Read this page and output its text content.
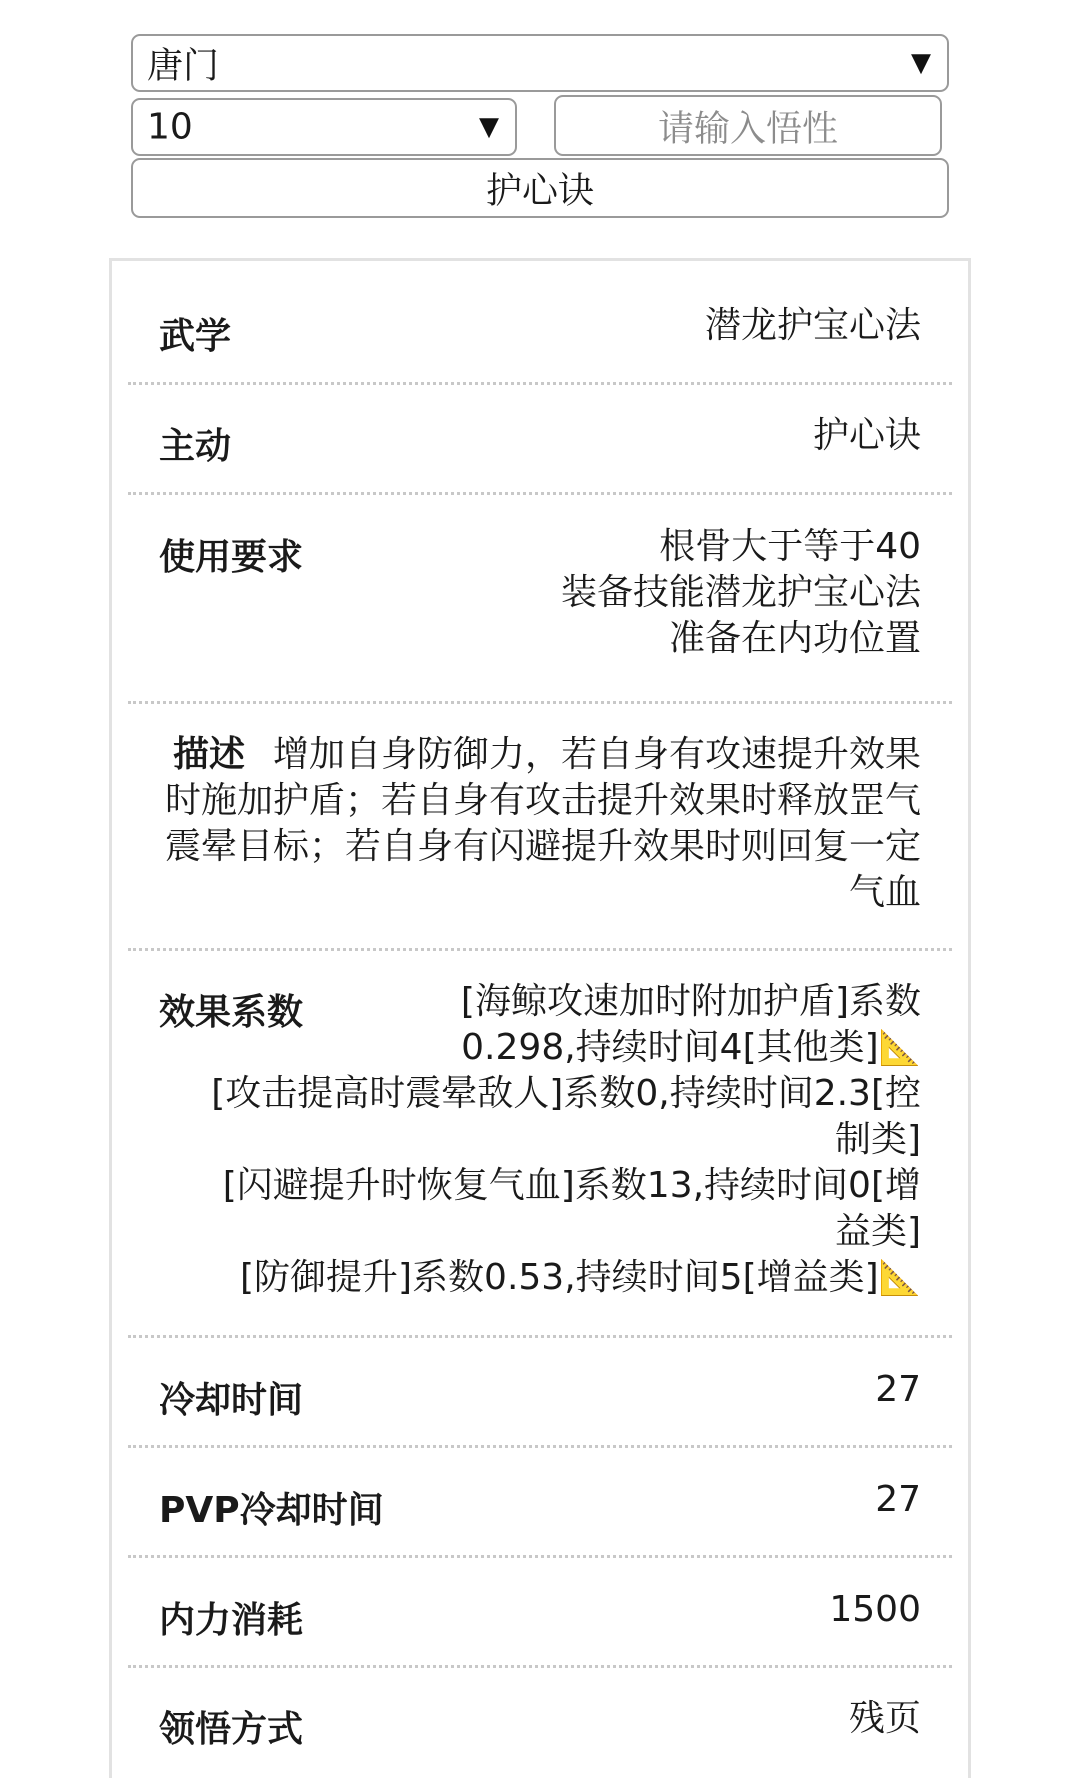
唐门	▼
10	▼	请输入悟性
护心诀
武学	潜龙护宝心法
主动	护心诀
使用要求	根骨大于等于40
装备技能潜龙护宝心法
准备在内功位置
描述 增加自身防御力，若自身有攻速提升效果时施加护盾；若自身有攻击提升效果时释放罡气震晕目标；若自身有闪避提升效果时则回复一定气血
效果系数	[海鲸攻速加时附加护盾]系数
0.298,持续时间4[其他类]📐
[攻击提高时震晕敌人]系数0,持续时间2.3[控
制类]
[闪避提升时恢复气血]系数13,持续时间0[增
益类]
[防御提升]系数0.53,持续时间5[增益类]📐
冷却时间	27
PVP冷却时间	27
内力消耗	1500
领悟方式	残页
